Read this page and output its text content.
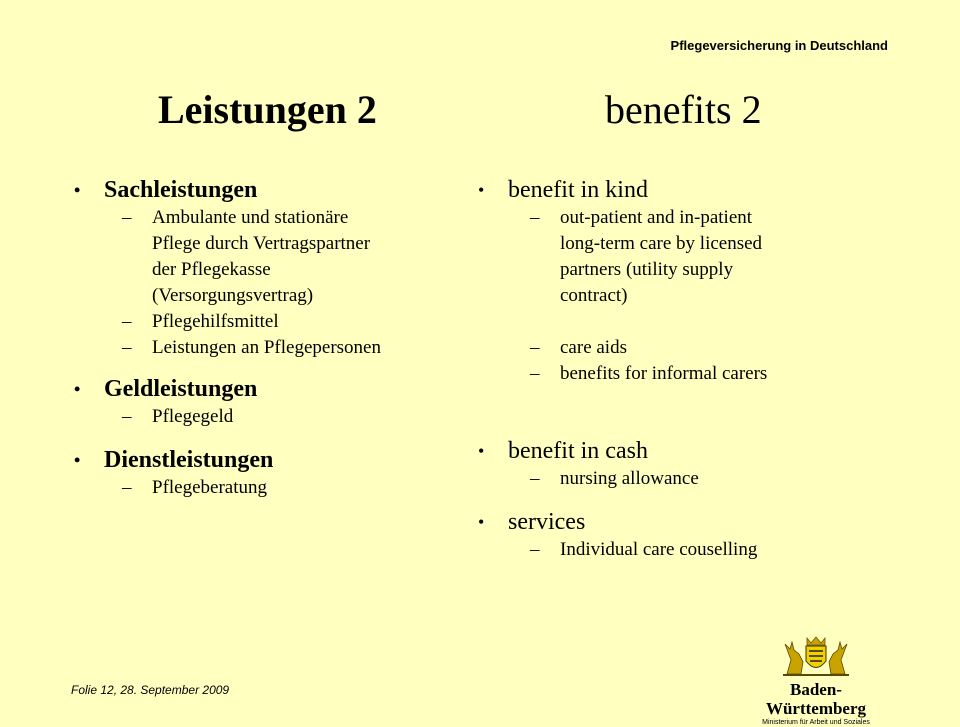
Pflegeversicherung in Deutschland
Leistungen 2	benefits 2
• Sachleistungen

– Ambulante und stationäre

Pflege durch Vertragspartner

der Pflegekasse

(Versorgungsvertrag)

– Pflegehilfsmittel

– Leistungen an Pflegepersonen

• Geldleistungen

– Pflegegeld

• Dienstleistungen

– Pflegeberatung

• benefit in kind

– out-patient and in-patient

long-term care by licensed

partners (utility supply

contract)

– care aids

– benefits for informal carers

• benefit in cash

– nursing allowance

• services

– Individual care couselling

Folie 12, 28. September 2009	Baden-Württemberg
Ministerium für Arbeit und Soziales
